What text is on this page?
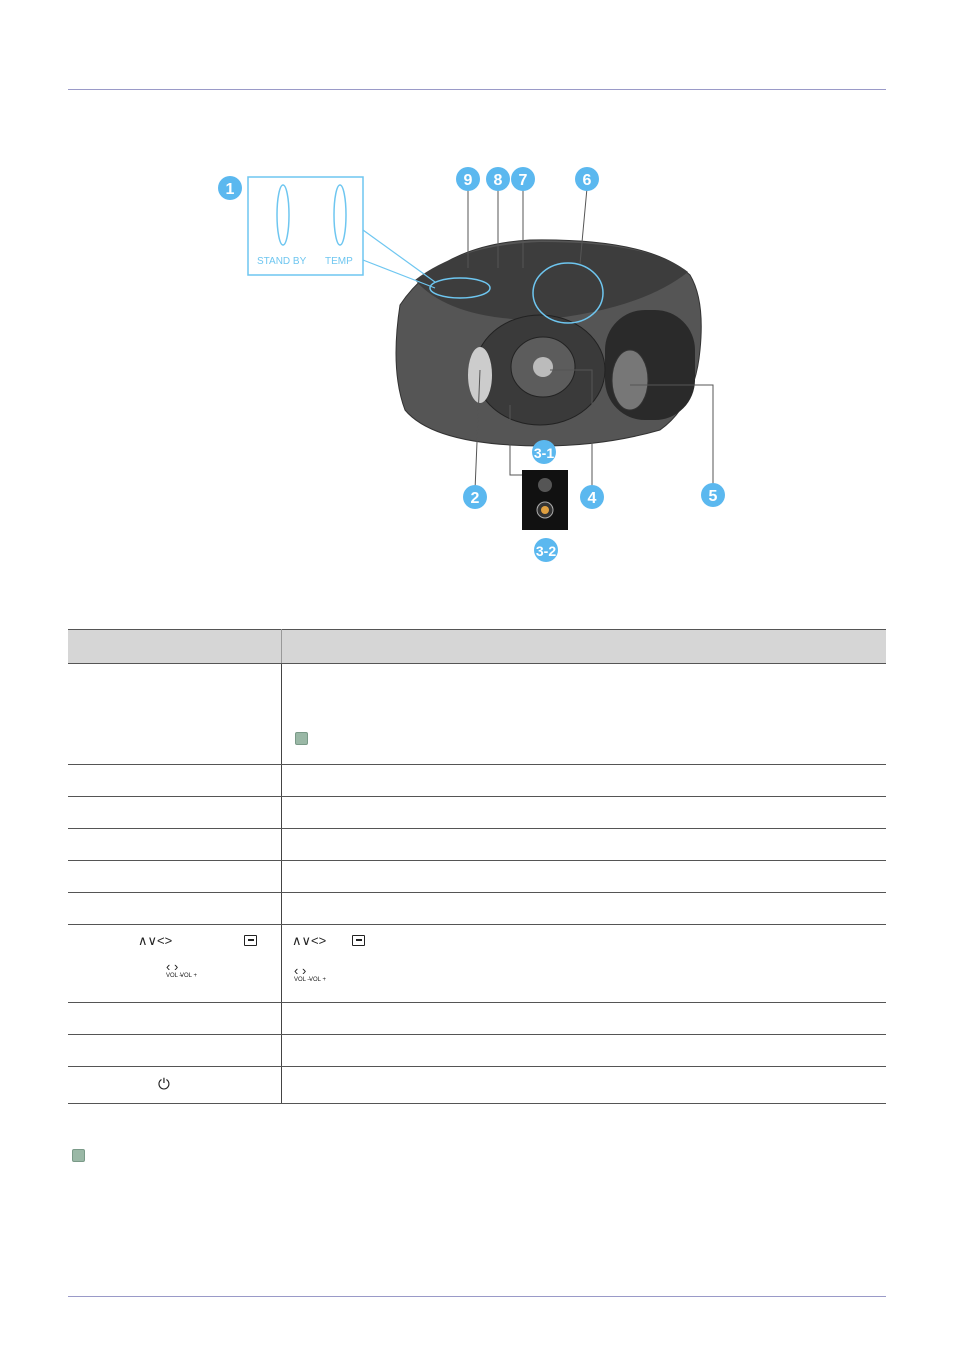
STAND BY TEMP
1
9 8 7	6
3-1
2	4	5
3-2

∧∨<>
‹ ›
VOL –
VOL +	∧∨<>
‹ ›
VOL –
VOL +

⏻	
